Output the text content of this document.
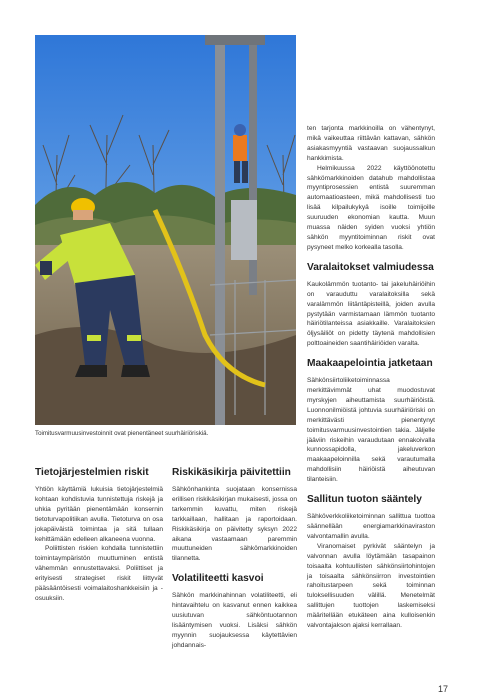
Toimitusvarmuusinvestoinnit ovat pienentäneet suurhäiriöriskiä.
Tietojärjestelmien riskit

Yhtiön käyttämiä lukuisia tietojärjestelmiä kohtaan kohdistuvia tunnistettuja riskejä ja uhkia pyritään pienentämään konsernin tietoturvapolitiikan avulla. Tietoturva on osa jokapäiväistä toimintaa ja sitä tullaan kehittämään edelleen alkaneena vuonna.

Poliittisten riskien kohdalla tunnistettiin toimintaympäristön muuttuminen entistä vähemmän ennustettavaksi. Poliittiset ja erityisesti strategiset riskit liittyvät pääsääntöisesti voimalaitoshankkeisiin ja -osuuksiin.

Riskikäsikirja päivitettiin

Sähkönhankinta suojataan konsernissa erillisen riskikäsikirjan mukaisesti, jossa on tarkemmin kuvattu, miten riskejä tarkkaillaan, hallitaan ja raportoidaan. Riskikäsikirja on päivitetty syksyn 2022 aikana vastaamaan paremmin muuttuneiden sähkömarkkinoiden tilannetta.

Volatiliteetti kasvoi

Sähkön markkinahinnan volatiliteetti, eli hintavaihtelu on kasvanut ennen kaikkea uusiutuvan sähköntuotannon lisääntymisen vuoksi. Lisäksi sähkön myynnin suojauksessa käytettävien johdannais-

ten tarjonta markkinoilla on vähentynyt, mikä vaikeuttaa riittävän kattavan, sähkön asiakasmyyntiä vastaavan suojaussalkun hankkimista.

Helmikuussa 2022 käyttöönotettu sähkömarkkinoiden datahub mahdollistaa myyntiprosessien entistä suuremman automaatioasteen, mikä mahdollisesti tuo lisää kilpailukykyä isoille toimijoille suuruuden ekonomian kautta. Muun muassa näiden syiden vuoksi yhtiön sähkön myyntitoiminnan riskit ovat pysyneet melko korkealla tasolla.

Varalaitokset valmiudessa

Kaukolämmön tuotanto- tai jakeluhäiriöihin on varauduttu varalaitoksilla sekä varalämmön liitäntäpisteillä, joiden avulla pystytään varmistamaan lämmön tuotanto häiriötilanteissa asiakkaille. Varalaitoksien öljysäiliöt on pidetty täytenä mahdollisien polttoaineiden saantihäiriöiden varalta.

Maakaapelointia jatketaan

Sähkönsiirtoliiketoiminnassa merkittävimmät uhat muodostuvat myrskyjen aiheuttamista suurhäiriöistä. Luonnonilmiöistä johtuvia suurhäiriöriski on merkittävästi pienentynyt toimitusvarmuusinvestointien takia. Jäljelle jääviin riskeihin varaudutaan ennakoivalla kunnossapidolla, jakeluverkon maakaapeloinnilla sekä varautumalla mahdollisiin häiriöistä aiheutuvan tilanteisiin.

Sallitun tuoton sääntely

Sähköverkkoliiketoiminnan sallittua tuottoa säännellään energiamarkkinaviraston valvontamallin avulla.

Viranomaiset pyrkivät sääntelyn ja valvonnan avulla löytämään tasapainon toisaalta kohtuullisten sähkönsiirtohintojen ja toisaalta sähkönsiirron investointien rahoitustarpeen sekä toiminnan tuloksellisuuden välillä. Menetelmät sallittujen tuottojen laskemiseksi määritellään etukäteen aina kulloisenkin valvontajakson ajaksi kerrallaan.

17
